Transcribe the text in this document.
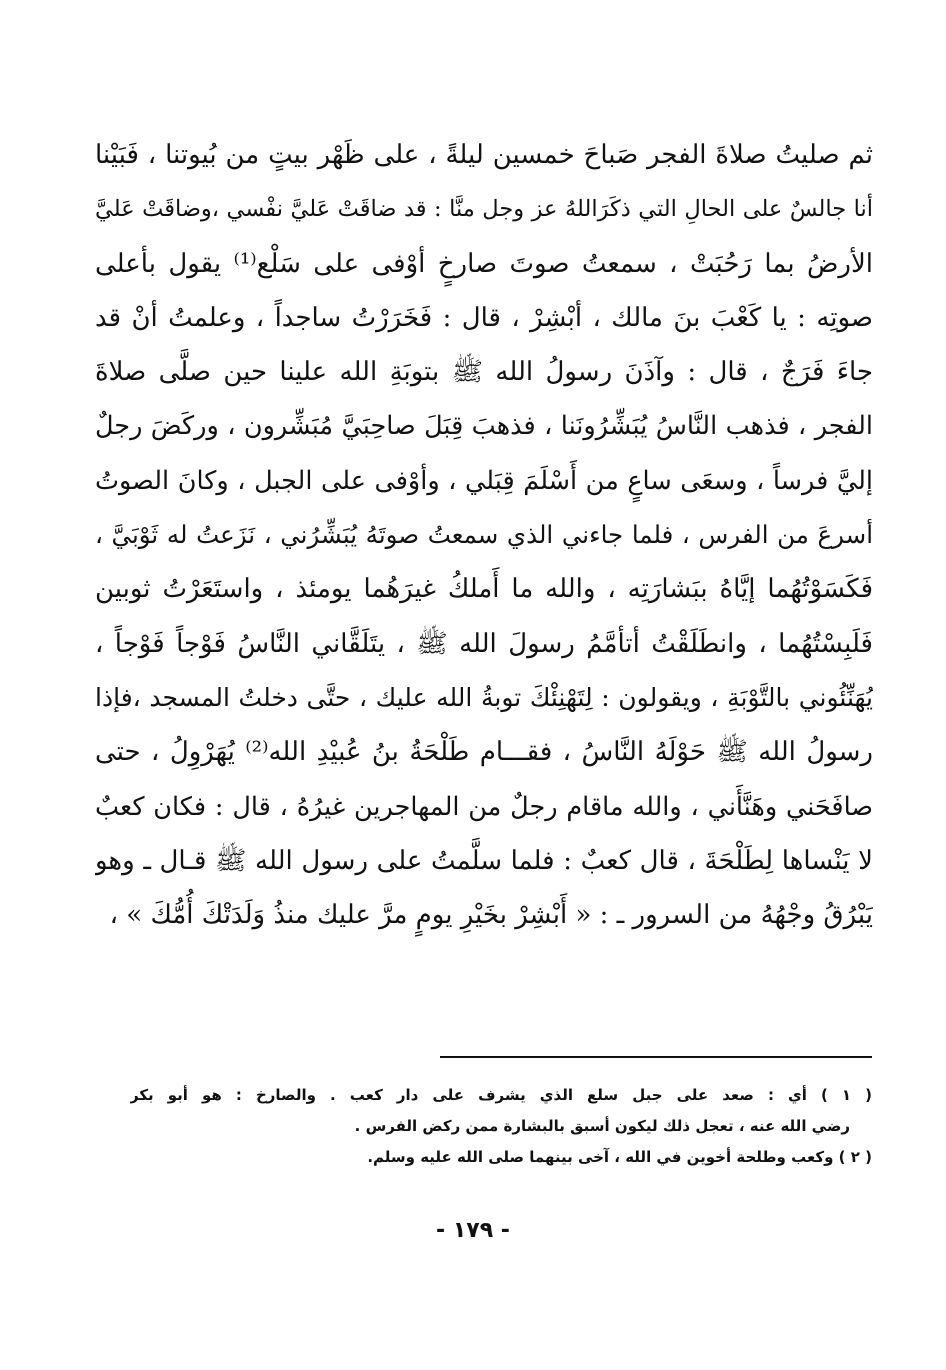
ثم صليتُ صلاةَ الفجر صَباحَ خمسين ليلةً ، على ظَهْر بيتٍ من بُيوتنا ، فَبَيْنا
أنا جالسٌ على الحالِ التي ذكَرَاللهُ عز وجل منَّا : قد ضاقَتْ عَليَّ نفْسي ،وضاقَتْ عَليَّ
الأرضُ بما رَحُبَتْ ، سمعتُ صوتَ صارخٍ أوْفى على سَلْع⁽¹⁾ يقول بأعلى
صوتِه : يا كَعْبَ بنَ مالك ، أبْشِرْ ، قال : فَخَرَرْتُ ساجداً ، وعلمتُ أنْ قد
جاءَ فَرَجٌ ، قال : وآذَنَ رسولُ الله ﷺ بتوبَةِ الله علينا حين صلَّى صلاةَ
الفجر ، فذهب النَّاسُ يُبَشِّرُونَنا ، فذهبَ قِبَلَ صاحِبَيَّ مُبَشِّرون ، وركَضَ رجلٌ
إليَّ فرساً ، وسعَى ساعٍ من أَسْلَمَ قِبَلي ، وأوْفى على الجبل ، وكانَ الصوتُ
أسرعَ من الفرس ، فلما جاءني الذي سمعتُ صوتَهُ يُبَشِّرُني ، نَزَعتُ له ثَوْبَيَّ ،
فَكَسَوْتُهُما إيَّاهُ ببَشارَتِه ، والله ما أَملكُ غيرَهُما يومئذ ، واستَعَرْتُ ثوبين
فَلَبِسْتُهُما ، وانطَلَقْتُ أتأمَّمُ رسولَ الله ﷺ ، يتَلَقَّاني النَّاسُ فَوْجاً فَوْجاً ،
يُهَنِّئُوني بالتَّوْبَةِ ، ويقولون : لِتَهْنِئْكَ توبةُ الله عليك ، حتَّى دخلتُ المسجد ،فإذا
رسولُ الله ﷺ حَوْلَهُ النَّاسُ ، فقـــام طَلْحَةُ بنُ عُبيْدِ الله⁽²⁾ يُهَرْوِلُ ، حتى
صافَحَني وهَنَّأَني ، والله ماقام رجلٌ من المهاجرين غيرُهُ ، قال : فكان كعبٌ
لا يَنْساها لِطَلْحَةَ ، قال كعبٌ : فلما سلَّمتُ على رسول الله ﷺ قـال ـ وهو
يَبْرُقُ وجْهُهُ من السرور ـ : « أَبْشِرْ بخَيْرِ يومٍ مرَّ عليك منذُ وَلَدَتْكَ أُمُّكَ » ،
( ١ ) أي : صعد على جبل سلع الذي يشرف على دار كعب . والصارخ : هو أبو بكر
رضي الله عنه ، تعجل ذلك ليكون أسبق بالبشارة ممن ركض الفرس .
( ٢ ) وكعب وطلحة أخوين في الله ، آخى بينهما صلى الله عليه وسلم.
- ١٧٩ -
